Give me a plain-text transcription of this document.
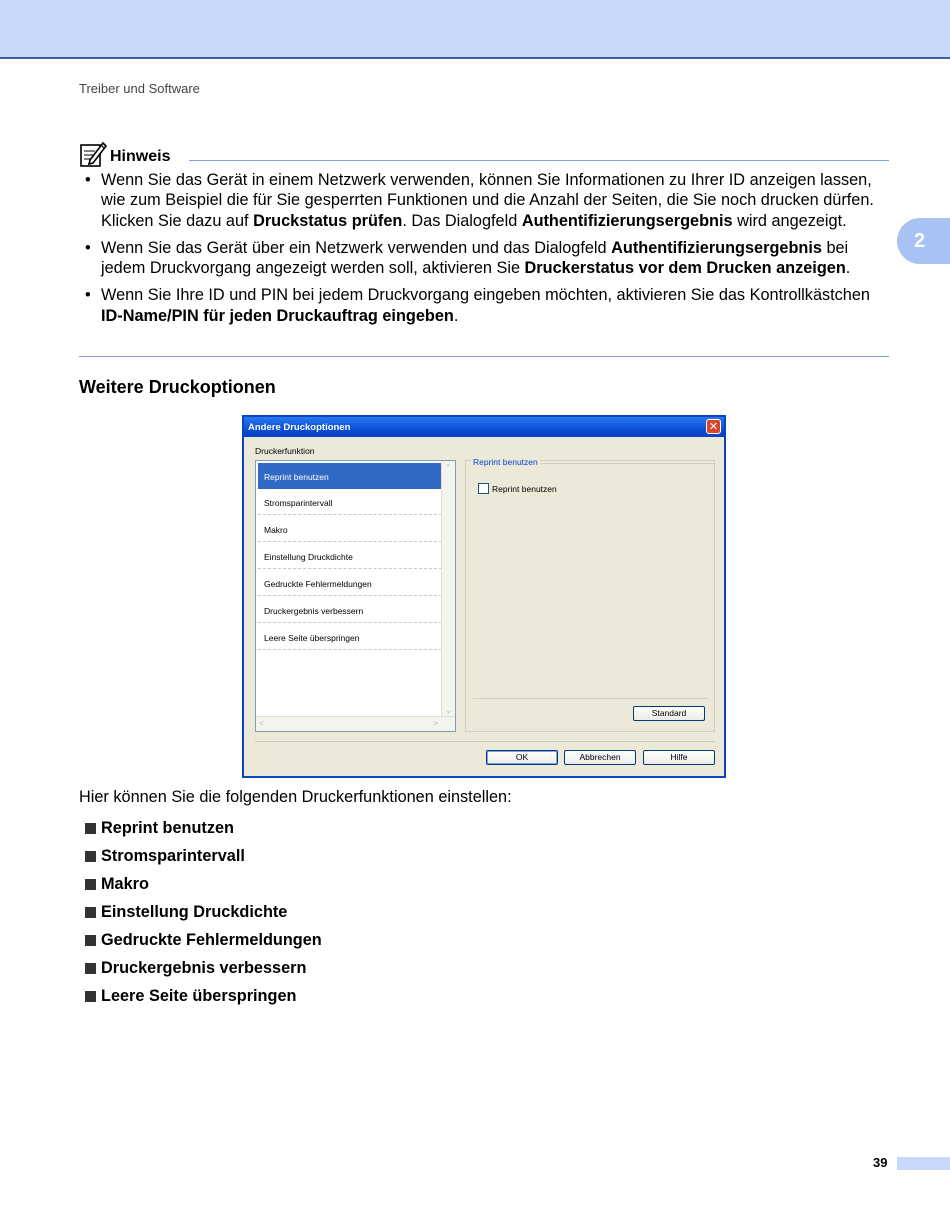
Treiber und Software
2
Hinweis
• Wenn Sie das Gerät in einem Netzwerk verwenden, können Sie Informationen zu Ihrer ID anzeigen lassen, wie zum Beispiel die für Sie gesperrten Funktionen und die Anzahl der Seiten, die Sie noch drucken dürfen. Klicken Sie dazu auf Druckstatus prüfen. Das Dialogfeld Authentifizierungsergebnis wird angezeigt.
• Wenn Sie das Gerät über ein Netzwerk verwenden und das Dialogfeld Authentifizierungsergebnis bei jedem Druckvorgang angezeigt werden soll, aktivieren Sie Druckerstatus vor dem Drucken anzeigen.
• Wenn Sie Ihre ID und PIN bei jedem Druckvorgang eingeben möchten, aktivieren Sie das Kontrollkästchen ID-Name/PIN für jeden Druckauftrag eingeben.
Weitere Druckoptionen
Andere Druckoptionen	✕
Druckerfunktion
Reprint benutzen
Stromsparintervall
Makro
Einstellung Druckdichte
Gedruckte Fehlermeldungen
Druckergebnis verbessern
Leere Seite überspringen
⌃
⌄
<	>
Reprint benutzen
Reprint benutzen
Standard
OK	Abbrechen	Hilfe
Hier können Sie die folgenden Druckerfunktionen einstellen:
Reprint benutzen
Stromsparintervall
Makro
Einstellung Druckdichte
Gedruckte Fehlermeldungen
Druckergebnis verbessern
Leere Seite überspringen
39
